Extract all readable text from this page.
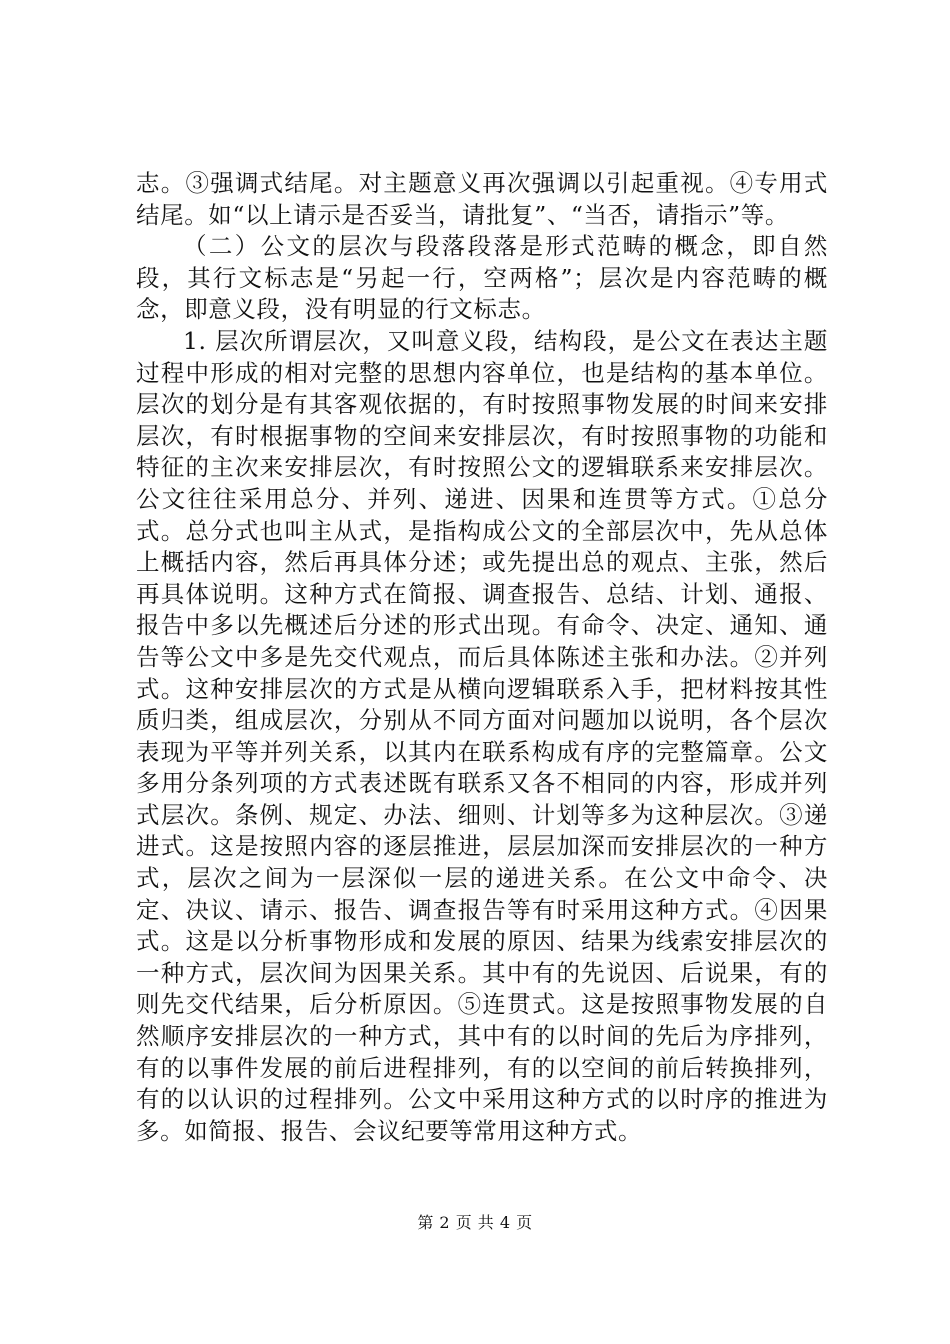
志。③强调式结尾。对主题意义再次强调以引起重视。④专用式结尾。如“以上请示是否妥当，请批复”、“当否，请指示”等。

（二）公文的层次与段落段落是形式范畴的概念，即自然段，其行文标志是“另起一行，空两格”；层次是内容范畴的概念，即意义段，没有明显的行文标志。

1. 层次所谓层次，又叫意义段，结构段，是公文在表达主题过程中形成的相对完整的思想内容单位，也是结构的基本单位。层次的划分是有其客观依据的，有时按照事物发展的时间来安排层次，有时根据事物的空间来安排层次，有时按照事物的功能和特征的主次来安排层次，有时按照公文的逻辑联系来安排层次。公文往往采用总分、并列、递进、因果和连贯等方式。①总分式。总分式也叫主从式，是指构成公文的全部层次中，先从总体上概括内容，然后再具体分述；或先提出总的观点、主张，然后再具体说明。这种方式在简报、调查报告、总结、计划、通报、报告中多以先概述后分述的形式出现。有命令、决定、通知、通告等公文中多是先交代观点，而后具体陈述主张和办法。②并列式。这种安排层次的方式是从横向逻辑联系入手，把材料按其性质归类，组成层次，分别从不同方面对问题加以说明，各个层次表现为平等并列关系，以其内在联系构成有序的完整篇章。公文多用分条列项的方式表述既有联系又各不相同的内容，形成并列式层次。条例、规定、办法、细则、计划等多为这种层次。③递进式。这是按照内容的逐层推进，层层加深而安排层次的一种方式，层次之间为一层深似一层的递进关系。在公文中命令、决定、决议、请示、报告、调查报告等有时采用这种方式。④因果式。这是以分析事物形成和发展的原因、结果为线索安排层次的一种方式，层次间为因果关系。其中有的先说因、后说果，有的则先交代结果，后分析原因。⑤连贯式。这是按照事物发展的自然顺序安排层次的一种方式，其中有的以时间的先后为序排列，有的以事件发展的前后进程排列，有的以空间的前后转换排列，有的以认识的过程排列。公文中采用这种方式的以时序的推进为多。如简报、报告、会议纪要等常用这种方式。

第 2 页 共 4 页
